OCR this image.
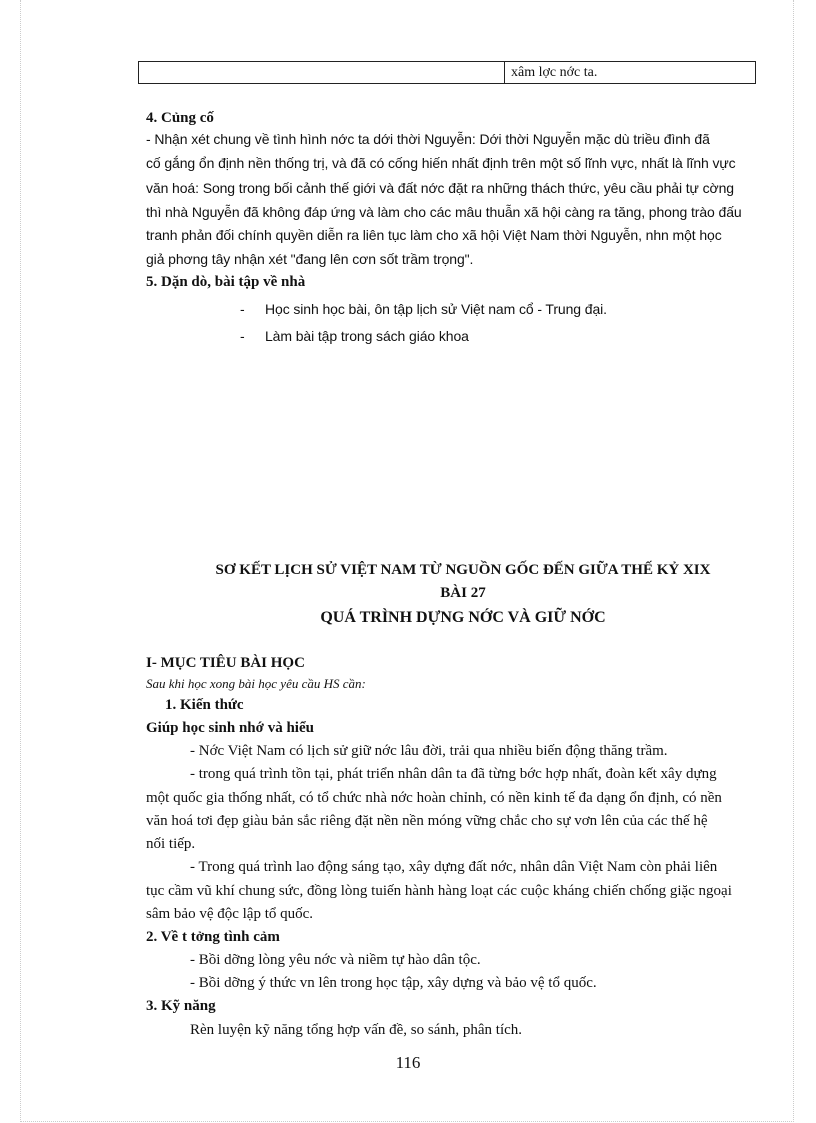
xâm lợc nớc ta.
4. Củng cố
- Nhận xét chung về tình hình nớc ta dới thời Nguyễn: Dới thời Nguyễn mặc dù triều đình đã
cố gắng ổn định nền thống trị, và đã có cống hiến nhất định trên một số lĩnh vực, nhất là lĩnh vực
văn hoá: Song trong bối cảnh thế giới và đất nớc đặt ra những thách thức, yêu cầu phải tự cờng
thì nhà Nguyễn đã không đáp ứng và làm cho các mâu thuẫn xã hội càng ra tăng, phong trào đấu
tranh phản đối chính quyền diễn ra liên tục làm cho xã hội Việt Nam thời Nguyễn, nhn một học
giả phơng tây nhận xét "đang lên cơn sốt trầm trọng".
5. Dặn dò, bài tập về nhà
- Học sinh học bài, ôn tập lịch sử Việt nam cổ - Trung đại.
- Làm bài tập trong sách giáo khoa
SƠ KẾT LỊCH SỬ VIỆT NAM TỪ NGUỒN GỐC ĐẾN GIỮA THẾ KỶ XIX
BÀI 27
QUÁ TRÌNH DỰNG NỚC VÀ GIỮ NỚC
I- MỤC TIÊU BÀI HỌC
Sau khi học xong bài học yêu cầu HS cần:
1. Kiến thức
Giúp học sinh nhớ và hiểu
- Nớc Việt Nam có lịch sử giữ nớc lâu đời, trải qua nhiều biến động thăng trầm.
- trong quá trình tồn tại, phát triển nhân dân ta đã từng bớc hợp nhất, đoàn kết xây dựng
một quốc gia thống nhất, có tổ chức nhà nớc hoàn chỉnh, có nền kinh tế đa dạng ổn định, có nền
văn hoá tơi đẹp giàu bản sắc riêng đặt nền nền móng vững chắc cho sự vơn lên của các thế hệ
nối tiếp.
- Trong quá trình lao động sáng tạo, xây dựng đất nớc, nhân dân Việt Nam còn phải liên
tục cầm vũ khí chung sức, đồng lòng tuiến hành hàng loạt các cuộc kháng chiến chống giặc ngoại
sâm bảo vệ độc lập tổ quốc.
2. Về t tởng tình cảm
- Bồi dỡng lòng yêu nớc và niềm tự hào dân tộc.
- Bồi dỡng ý thức vn lên trong học tập, xây dựng và bảo vệ tổ quốc.
3. Kỹ năng
Rèn luyện kỹ năng tổng hợp vấn đề, so sánh, phân tích.
116
